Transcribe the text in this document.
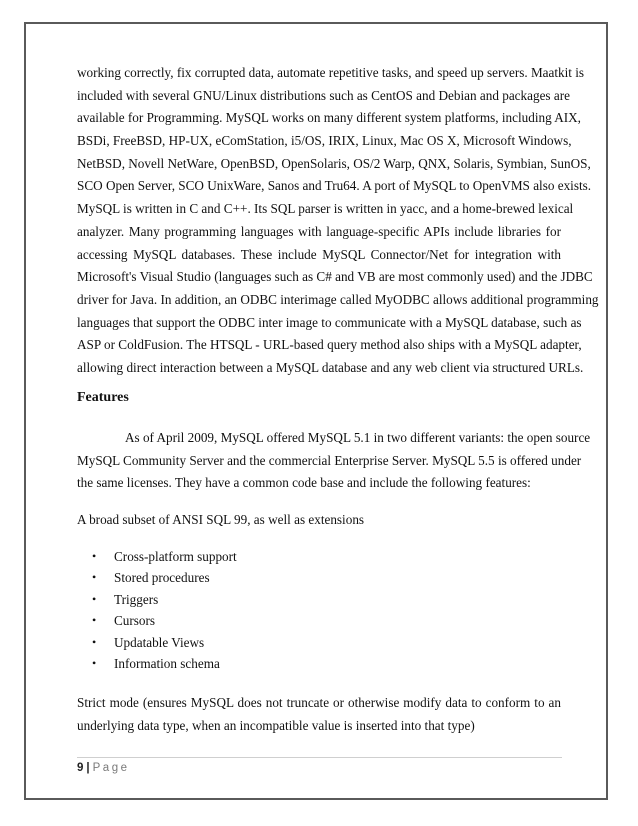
working correctly, fix corrupted data, automate repetitive tasks, and speed up servers. Maatkit is
included with several GNU/Linux distributions such as CentOS and Debian and packages are
available for Programming. MySQL works on many different system platforms, including AIX,
BSDi, FreeBSD, HP-UX, eComStation, i5/OS, IRIX, Linux, Mac OS X, Microsoft Windows,
NetBSD, Novell NetWare, OpenBSD, OpenSolaris, OS/2 Warp, QNX, Solaris, Symbian, SunOS,
SCO Open Server, SCO UnixWare, Sanos and Tru64. A port of MySQL to OpenVMS also exists.
MySQL is written in C and C++. Its SQL parser is written in yacc, and a home-brewed lexical
analyzer. Many programming languages with language-specific APIs include libraries for
accessing MySQL databases. These include MySQL Connector/Net for integration with
Microsoft's Visual Studio (languages such as C# and VB are most commonly used) and the JDBC
driver for Java. In addition, an ODBC interimage called MyODBC allows additional programming
languages that support the ODBC inter image to communicate with a MySQL database, such as
ASP or ColdFusion. The HTSQL - URL-based query method also ships with a MySQL adapter,
allowing direct interaction between a MySQL database and any web client via structured URLs.
Features
As of April 2009, MySQL offered MySQL 5.1 in two different variants: the open source
MySQL Community Server and the commercial Enterprise Server. MySQL 5.5 is offered under
the same licenses. They have a common code base and include the following features:
A broad subset of ANSI SQL 99, as well as extensions
• Cross-platform support
• Stored procedures
• Triggers
• Cursors
• Updatable Views
• Information schema
Strict mode (ensures MySQL does not truncate or otherwise modify data to conform to an
underlying data type, when an incompatible value is inserted into that type)
9 | Page
